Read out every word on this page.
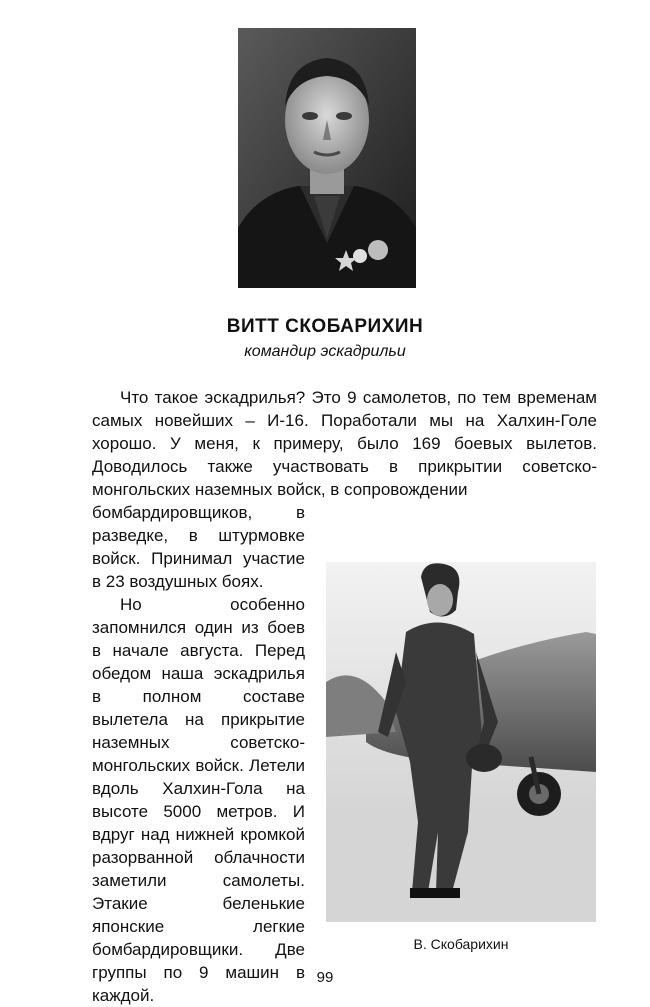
ВИТТ СКОБАРИХИН
командир эскадрильи

Что такое эскадрилья? Это 9 самолетов, по тем временам самых новейших – И-16. Поработали мы на Халхин-Голе хорошо. У меня, к примеру, было 169 боевых вылетов. Доводилось также участвовать в прикрытии советско-монгольских наземных войск, в сопровождении

бомбардировщиков, в разведке, в штурмовке войск. Принимал участие в 23 воздушных боях.

Но особенно запомнился один из боев в начале августа. Перед обедом наша эскадрилья в полном составе вылетела на прикрытие наземных советско-монгольских войск. Летели вдоль Халхин-Гола на высоте 5000 метров. И вдруг над нижней кромкой разорванной облачности заметили самолеты. Этакие беленькие японские легкие бомбардировщики. Две группы по 9 машин в каждой.

В. Скобарихин
99
